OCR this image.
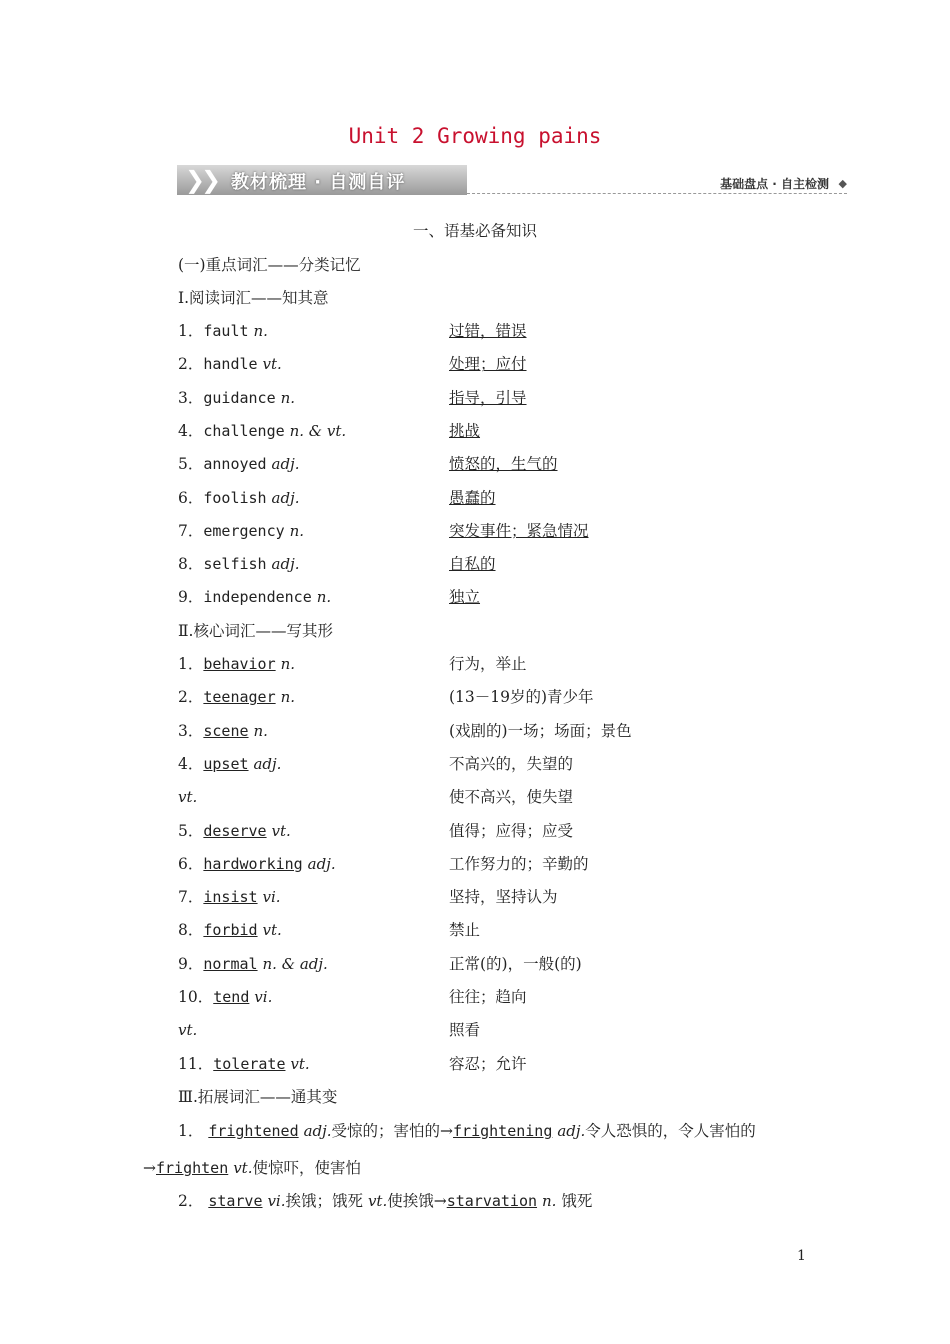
Unit 2 Growing pains
❯
❯ 教材梳理 · 自测自评	基础盘点 · 自主检测 ◆
一、语基必备知识
(一)重点词汇——分类记忆
Ⅰ.阅读词汇——知其意
1．fault n.	过错，错误
2．handle vt.	处理；应付
3．guidance n.	指导，引导
4．challenge n. & vt.	挑战
5．annoyed adj.	愤怒的，生气的
6．foolish adj.	愚蠢的
7．emergency n.	突发事件；紧急情况
8．selfish adj.	自私的
9．independence n.	独立
Ⅱ.核心词汇——写其形
1．behavior n.	行为，举止
2．teenager n.	(13－19岁的)青少年
3．scene n.	(戏剧的)一场；场面；景色
4．upset adj.	不高兴的，失望的
vt.	使不高兴，使失望
5．deserve vt.	值得；应得；应受
6．hardworking adj.	工作努力的；辛勤的
7．insist vi.	坚持，坚持认为
8．forbid vt.	禁止
9．normal n. & adj.	正常(的)，一般(的)
10．tend vi.	往往；趋向
vt.	照看
11．tolerate vt.	容忍；允许
Ⅲ.拓展词汇——通其变
1． frightened adj.受惊的；害怕的→frightening adj.令人恐惧的，令人害怕的
→frighten vt.使惊吓，使害怕
2． starve vi.挨饿；饿死 vt.使挨饿→starvation n. 饿死
1
